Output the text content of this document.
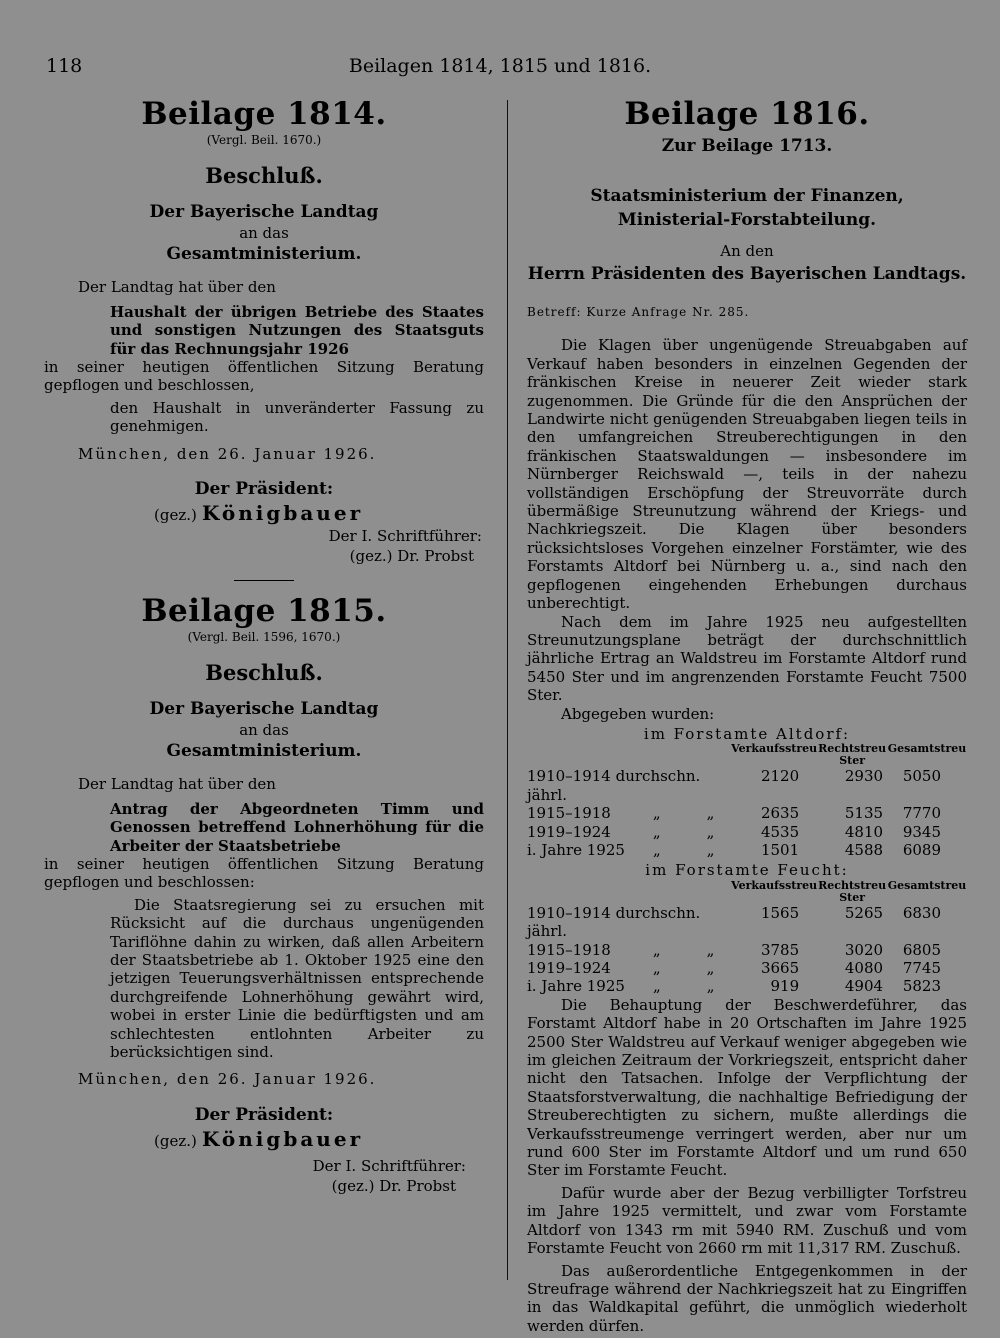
118	Beilagen 1814, 1815 und 1816.
Beilage 1814.
(Vergl. Beil. 1670.)
Beschluß.
Der Bayerische Landtag
an das
Gesamtministerium.
Der Landtag hat über den
Haushalt der übrigen Betriebe des Staates und sonstigen Nutzungen des Staatsguts für das Rechnungsjahr 1926
in seiner heutigen öffentlichen Sitzung Beratung gepflogen und beschlossen,
den Haushalt in unveränderter Fassung zu genehmigen.
München, den 26. Januar 1926.
Der Präsident:
(gez.) Königbauer
Der I. Schriftführer:
(gez.) Dr. Probst
Beilage 1815.
(Vergl. Beil. 1596, 1670.)
Beschluß.
Der Bayerische Landtag
an das
Gesamtministerium.
Der Landtag hat über den
Antrag der Abgeordneten Timm und Genossen betreffend Lohnerhöhung für die Arbeiter der Staatsbetriebe
in seiner heutigen öffentlichen Sitzung Beratung gepflogen und beschlossen:
Die Staatsregierung sei zu ersuchen mit Rücksicht auf die durchaus ungenügenden Tariflöhne dahin zu wirken, daß allen Arbeitern der Staatsbetriebe ab 1. Oktober 1925 eine den jetzigen Teuerungsverhältnissen entsprechende durchgreifende Lohnerhöhung gewährt wird, wobei in erster Linie die bedürftigsten und am schlechtesten entlohnten Arbeiter zu berücksichtigen sind.
München, den 26. Januar 1926.
Der Präsident:
(gez.) Königbauer
Der I. Schriftführer:
(gez.) Dr. Probst
Beilage 1816.
Zur Beilage 1713.
Staatsministerium der Finanzen,
Ministerial-Forstabteilung.
An den
Herrn Präsidenten des Bayerischen Landtags.
Betreff: Kurze Anfrage Nr. 285.
Die Klagen über ungenügende Streuabgaben auf Verkauf haben besonders in einzelnen Gegenden der fränkischen Kreise in neuerer Zeit wieder stark zugenommen. Die Gründe für die den Ansprüchen der Landwirte nicht genügenden Streuabgaben liegen teils in den umfangreichen Streuberechtigungen in den fränkischen Staatswaldungen — insbesondere im Nürnberger Reichswald —, teils in der nahezu vollständigen Erschöpfung der Streuvorräte durch übermäßige Streunutzung während der Kriegs- und Nachkriegszeit. Die Klagen über besonders rücksichtsloses Vorgehen einzelner Forstämter, wie des Forstamts Altdorf bei Nürnberg u. a., sind nach den gepflogenen eingehenden Erhebungen durchaus unberechtigt.
Nach dem im Jahre 1925 neu aufgestellten Streunutzungsplane beträgt der durchschnittlich jährliche Ertrag an Waldstreu im Forstamte Altdorf rund 5450 Ster und im angrenzenden Forstamte Feucht 7500 Ster.
Abgegeben wurden:
im Forstamte Altdorf:
	Verkaufsstreu	Rechtstreu Ster	Gesamtstreu
1910–1914 durchschn. jährl.	2120	2930	5050
1915–1918 „ „	2635	5135	7770
1919–1924 „ „	4535	4810	9345
i. Jahre 1925 „ „	1501	4588	6089
im Forstamte Feucht:
	Verkaufsstreu	Rechtstreu Ster	Gesamtstreu
1910–1914 durchschn. jährl.	1565	5265	6830
1915–1918 „ „	3785	3020	6805
1919–1924 „ „	3665	4080	7745
i. Jahre 1925 „ „	919	4904	5823
Die Behauptung der Beschwerdeführer, das Forstamt Altdorf habe in 20 Ortschaften im Jahre 1925 2500 Ster Waldstreu auf Verkauf weniger abgegeben wie im gleichen Zeitraum der Vorkriegszeit, entspricht daher nicht den Tatsachen. Infolge der Verpflichtung der Staatsforstverwaltung, die nachhaltige Befriedigung der Streuberechtigten zu sichern, mußte allerdings die Verkaufsstreumenge verringert werden, aber nur um rund 600 Ster im Forstamte Altdorf und um rund 650 Ster im Forstamte Feucht.
Dafür wurde aber der Bezug verbilligter Torfstreu im Jahre 1925 vermittelt, und zwar vom Forstamte Altdorf von 1343 rm mit 5940 RM. Zuschuß und vom Forstamte Feucht von 2660 rm mit 11,317 RM. Zuschuß.
Das außerordentliche Entgegenkommen in der Streufrage während der Nachkriegszeit hat zu Eingriffen in das Waldkapital geführt, die unmöglich wiederholt werden dürfen.
